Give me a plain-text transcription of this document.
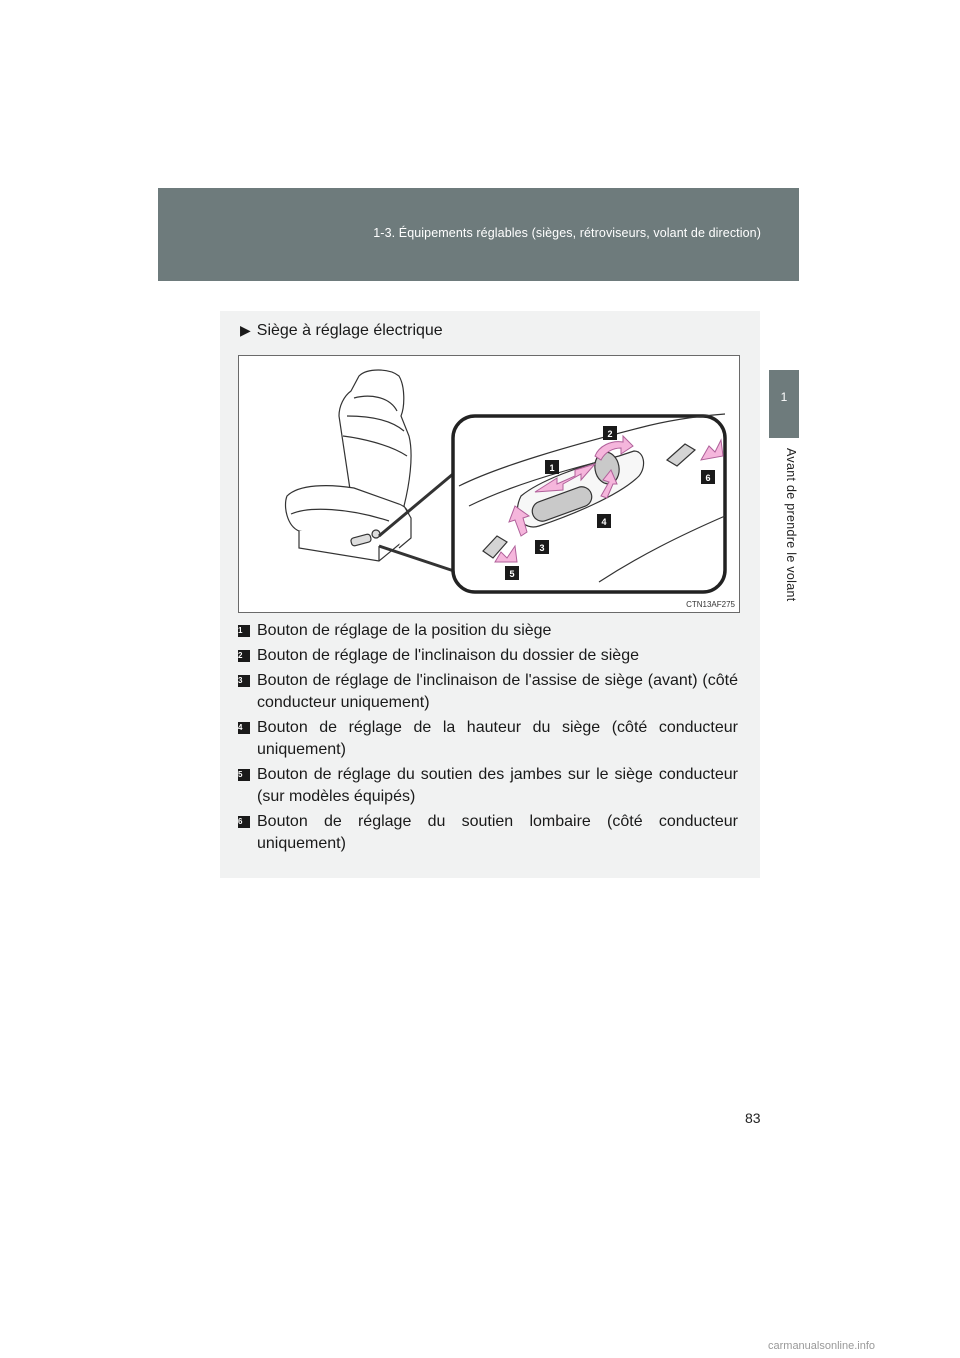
1-3. Équipements réglables (sièges, rétroviseurs, volant de direction)
1
Avant de prendre le volant
▶ Siège à réglage électrique
1
2
3
4
5
6
CTN13AF275
1 Bouton de réglage de la position du siège
2 Bouton de réglage de l'inclinaison du dossier de siège
3 Bouton de réglage de l'inclinaison de l'assise de siège (avant) (côté conducteur uniquement)
4 Bouton de réglage de la hauteur du siège (côté conducteur uniquement)
5 Bouton de réglage du soutien des jambes sur le siège conducteur (sur modèles équipés)
6 Bouton de réglage du soutien lombaire (côté conducteur uniquement)
83
carmanualsonline.info
